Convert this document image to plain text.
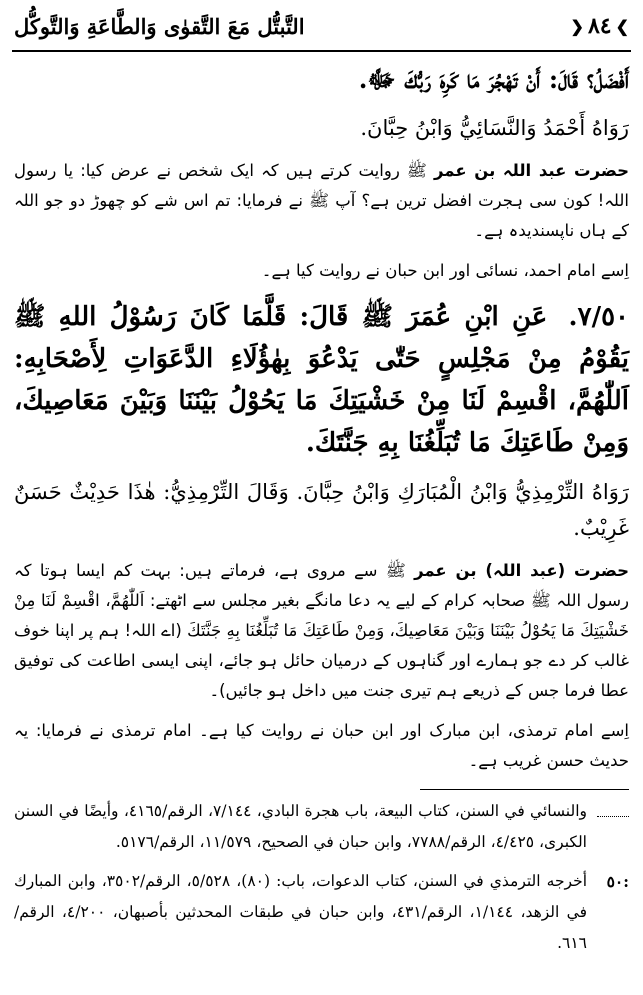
❯
٨٤
❮
التَّبتُّل مَعَ التَّقوٰى وَالطَّاعَةِ وَالتَّوكُّل

أَفْضَلُ؟ قَالَ: أَنْ تَهْجُرَ مَا كَرِهَ رَبُّكَ ﷻ.

رَوَاهُ أَحْمَدُ وَالنَّسَائِيُّ وَابْنُ حِبَّانَ.

حضرت عبد اللہ بن عمر ﷺ روایت کرتے ہیں کہ ایک شخص نے عرض کیا: یا رسول اللہ! کون سی ہجرت افضل ترین ہے؟ آپ ﷺ نے فرمایا: تم اس شے کو چھوڑ دو جو اللہ کے ہاں ناپسندیدہ ہے۔

اِسے امام احمد، نسائی اور ابن حبان نے روایت کیا ہے۔

٧/٥٠. عَنِ ابْنِ عُمَرَ ﷺ قَالَ: قَلَّمَا كَانَ رَسُوْلُ اللهِ ﷺ يَقُوْمُ مِنْ مَجْلِسٍ حَتّٰى يَدْعُوَ بِهٰؤُلَاءِ الدَّعَوَاتِ لِأَصْحَابِهِ: اَللّٰهُمَّ، اقْسِمْ لَنَا مِنْ خَشْيَتِكَ مَا يَحُوْلُ بَيْنَنَا وَبَيْنَ مَعَاصِيكَ، وَمِنْ طَاعَتِكَ مَا تُبَلِّغُنَا بِهِ جَنَّتَكَ.

رَوَاهُ التِّرْمِذِيُّ وَابْنُ الْمُبَارَكِ وَابْنُ حِبَّانَ. وَقَالَ التِّرْمِذِيُّ: هٰذَا حَدِيْثٌ حَسَنٌ غَرِيْبٌ.

حضرت (عبد اللہ) بن عمر ﷺ سے مروی ہے، فرماتے ہیں: بہت کم ایسا ہوتا کہ رسول اللہ ﷺ صحابہ کرام کے لیے یہ دعا مانگے بغیر مجلس سے اٹھتے: اَللّٰهُمَّ، اقْسِمْ لَنَا مِنْ خَشْيَتِكَ مَا يَحُوْلُ بَيْنَنَا وَبَيْنَ مَعَاصِيكَ، وَمِنْ طَاعَتِكَ مَا تُبَلِّغُنَا بِهِ جَنَّتَكَ (اے اللہ! ہم پر اپنا خوف غالب کر دے جو ہمارے اور گناہوں کے درمیان حائل ہو جائے، اپنی ایسی اطاعت کی توفیق عطا فرما جس کے ذریعے ہم تیری جنت میں داخل ہو جائیں)۔

اِسے امام ترمذی، ابن مبارک اور ابن حبان نے روایت کیا ہے۔ امام ترمذی نے فرمایا: یہ حدیث حسن غریب ہے۔

والنسائي في السنن، كتاب البيعة، باب هجرة البادي، ٧/١٤٤، الرقم/٤١٦٥، وأيضًا في السنن الكبرى، ٤/٤٢٥، الرقم/٧٧٨٨، وابن حبان في الصحيح، ١١/٥٧٩، الرقم/٥١٧٦.
:٥٠
أخرجه الترمذي في السنن، كتاب الدعوات، باب: (٨٠)، ٥/٥٢٨، الرقم/٣٥٠٢، وابن المبارك في الزهد، ١/١٤٤، الرقم/٤٣١، وابن حبان في طبقات المحدثين بأصبهان، ٤/٢٠٠، الرقم/٦١٦.
